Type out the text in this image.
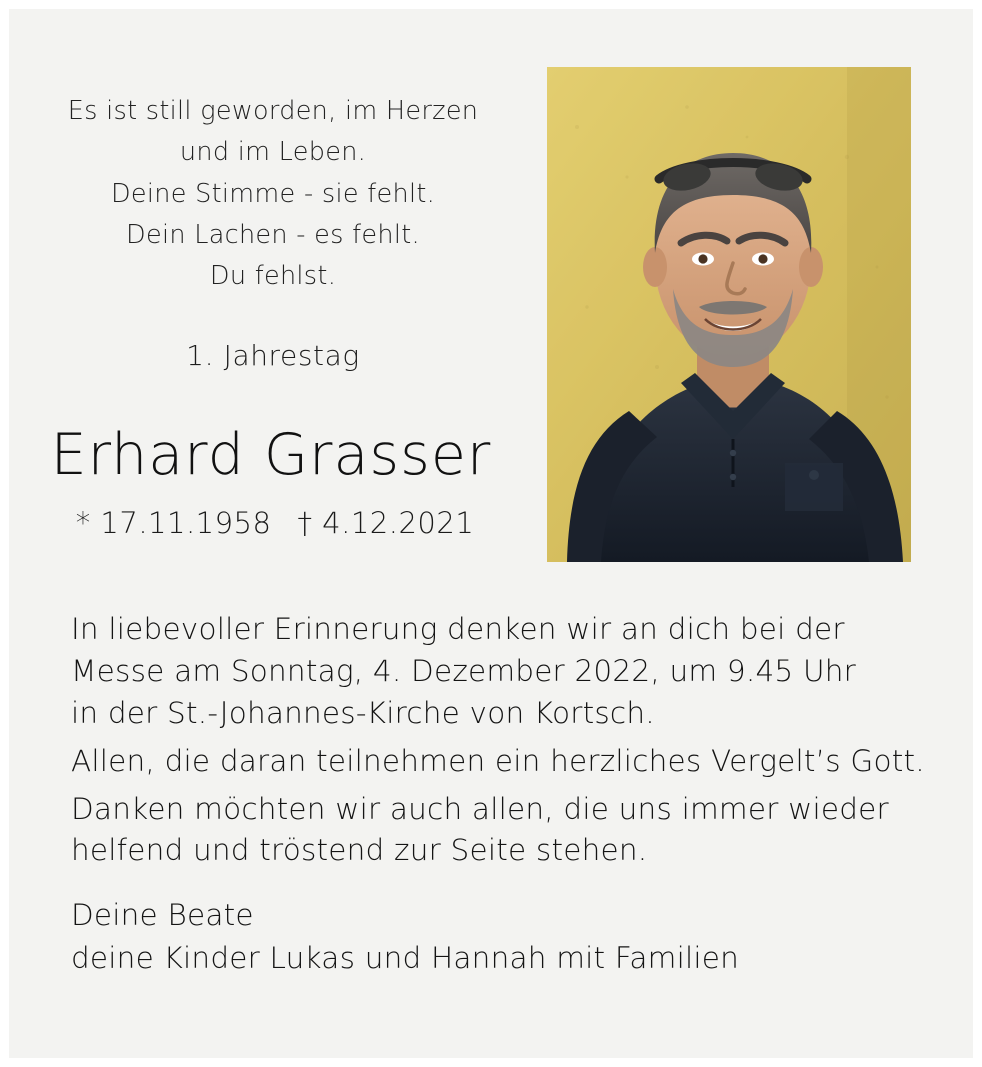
Es ist still geworden, im Herzen
und im Leben.
Deine Stimme - sie fehlt.
Dein Lachen - es fehlt.
Du fehlst.
1. Jahrestag
Erhard Grasser
* 17.11.1958 † 4.12.2021

In liebevoller Erinnerung denken wir an dich bei der
Messe am Sonntag, 4. Dezember 2022, um 9.45 Uhr
in der St.-Johannes-Kirche von Kortsch.

Allen, die daran teilnehmen ein herzliches Vergelt’s Gott.

Danken möchten wir auch allen, die uns immer wieder
helfend und tröstend zur Seite stehen.

Deine Beate
deine Kinder Lukas und Hannah mit Familien
